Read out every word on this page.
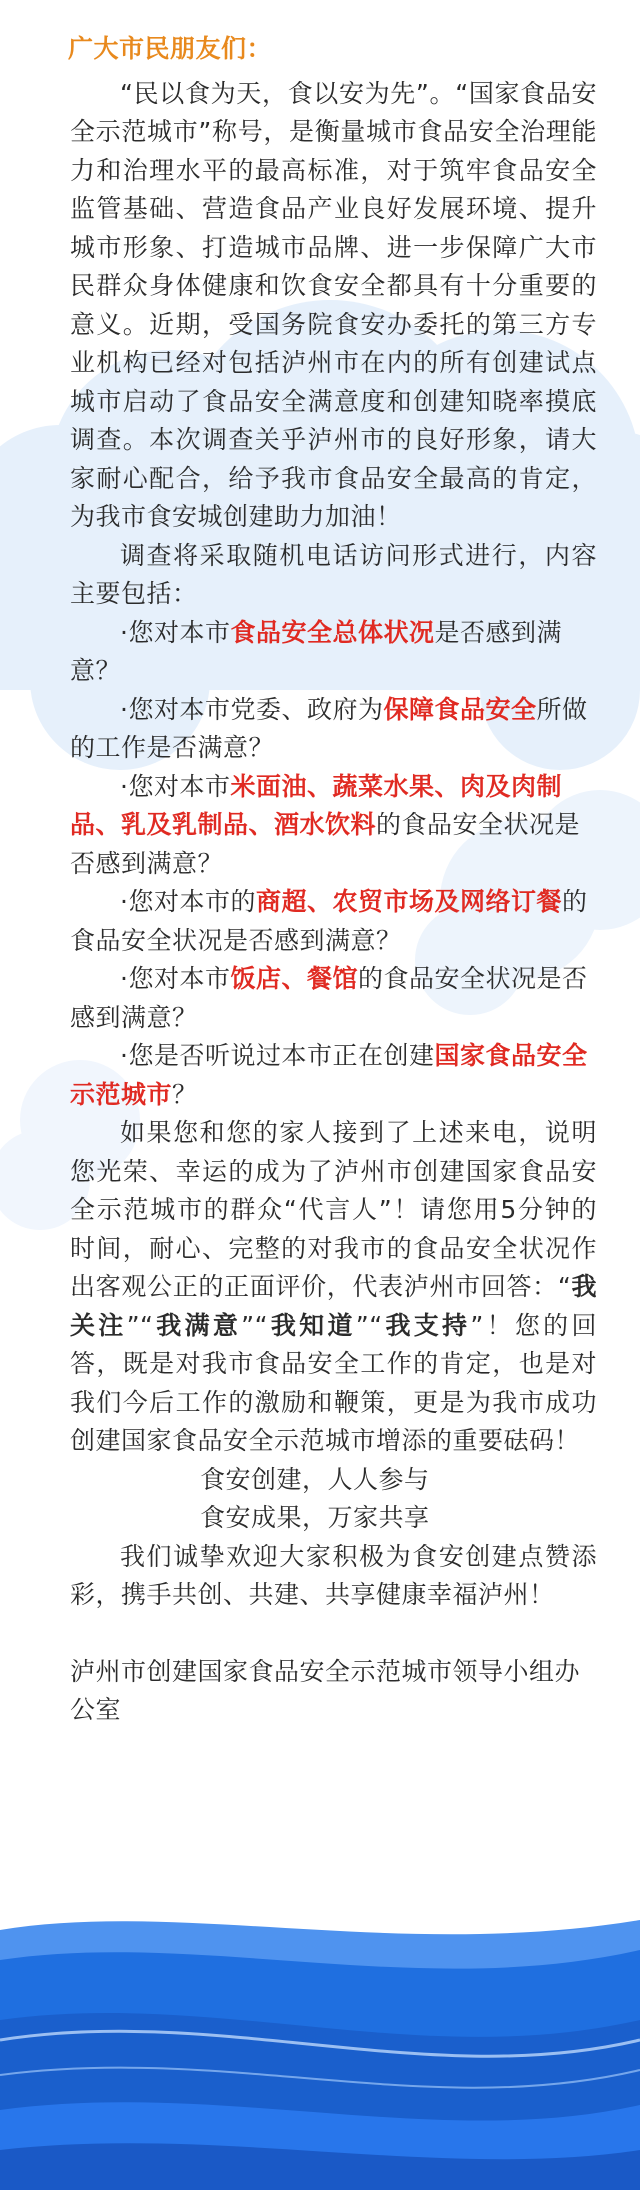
广大市民朋友们：

“民以食为天，食以安为先”。“国家食品安全示范城市”称号，是衡量城市食品安全治理能力和治理水平的最高标准，对于筑牢食品安全监管基础、营造食品产业良好发展环境、提升城市形象、打造城市品牌、进一步保障广大市民群众身体健康和饮食安全都具有十分重要的意义。近期，受国务院食安办委托的第三方专业机构已经对包括泸州市在内的所有创建试点城市启动了食品安全满意度和创建知晓率摸底调查。本次调查关乎泸州市的良好形象，请大家耐心配合，给予我市食品安全最高的肯定，为我市食安城创建助力加油！

调查将采取随机电话访问形式进行，内容主要包括：

·您对本市食品安全总体状况是否感到满意？

·您对本市党委、政府为保障食品安全所做的工作是否满意？

·您对本市米面油、蔬菜水果、肉及肉制品、乳及乳制品、酒水饮料的食品安全状况是否感到满意？

·您对本市的商超、农贸市场及网络订餐的食品安全状况是否感到满意？

·您对本市饭店、餐馆的食品安全状况是否感到满意？

·您是否听说过本市正在创建国家食品安全示范城市？

如果您和您的家人接到了上述来电，说明您光荣、幸运的成为了泸州市创建国家食品安全示范城市的群众“代言人”！请您用5分钟的时间，耐心、完整的对我市的食品安全状况作出客观公正的正面评价，代表泸州市回答：“我关注”“我满意”“我知道”“我支持”！您的回答，既是对我市食品安全工作的肯定，也是对我们今后工作的激励和鞭策，更是为我市成功创建国家食品安全示范城市增添的重要砝码！

食安创建，人人参与

食安成果，万家共享

我们诚挚欢迎大家积极为食安创建点赞添彩，携手共创、共建、共享健康幸福泸州！

泸州市创建国家食品安全示范城市领导小组办公室
